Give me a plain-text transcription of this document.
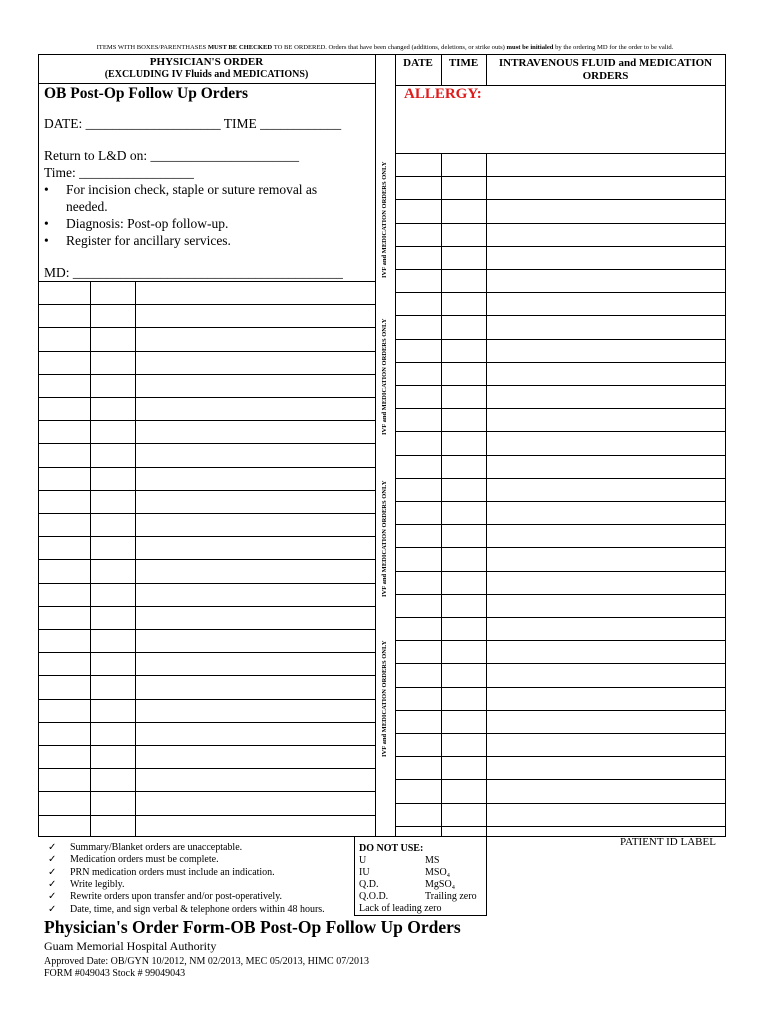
ITEMS WITH BOXES/PARENTHASES MUST BE CHECKED TO BE ORDERED. Orders that have been changed (additions, deletions, or strike outs) must be initialed by the ordering MD for the order to be valid.
PHYSICIAN'S ORDER
(EXCLUDING IV Fluids and MEDICATIONS)
DATE	TIME	INTRAVENOUS FLUID and MEDICATION
ORDERS
ALLERGY:
OB Post-Op Follow Up Orders
DATE: ____________________ TIME ____________
Return to L&D on: ______________________
Time: _________________
• For incision check, staple or suture removal as
needed.
• Diagnosis: Post-op follow-up.
• Register for ancillary services.
MD: ________________________________________	IVF and MEDICATION ORDERS ONLY
IVF and MEDICATION ORDERS ONLY
IVF and MEDICATION ORDERS ONLY
IVF and MEDICATION ORDERS ONLY
✓ Summary/Blanket orders are unacceptable.
✓ Medication orders must be complete.
✓ PRN medication orders must include an indication.
✓ Write legibly.
✓ Rewrite orders upon transfer and/or post-operatively.
✓ Date, time, and sign verbal & telephone orders within 48 hours.
DO NOT USE:
U	MS
IU	MSO₄
Q.D.	MgSO₄
Q.O.D.	Trailing zero
Lack of leading zero
PATIENT ID LABEL
Physician's Order Form-OB Post-Op Follow Up Orders
Guam Memorial Hospital Authority
Approved Date: OB/GYN 10/2012, NM 02/2013, MEC 05/2013, HIMC 07/2013
FORM #049043 Stock # 99049043
